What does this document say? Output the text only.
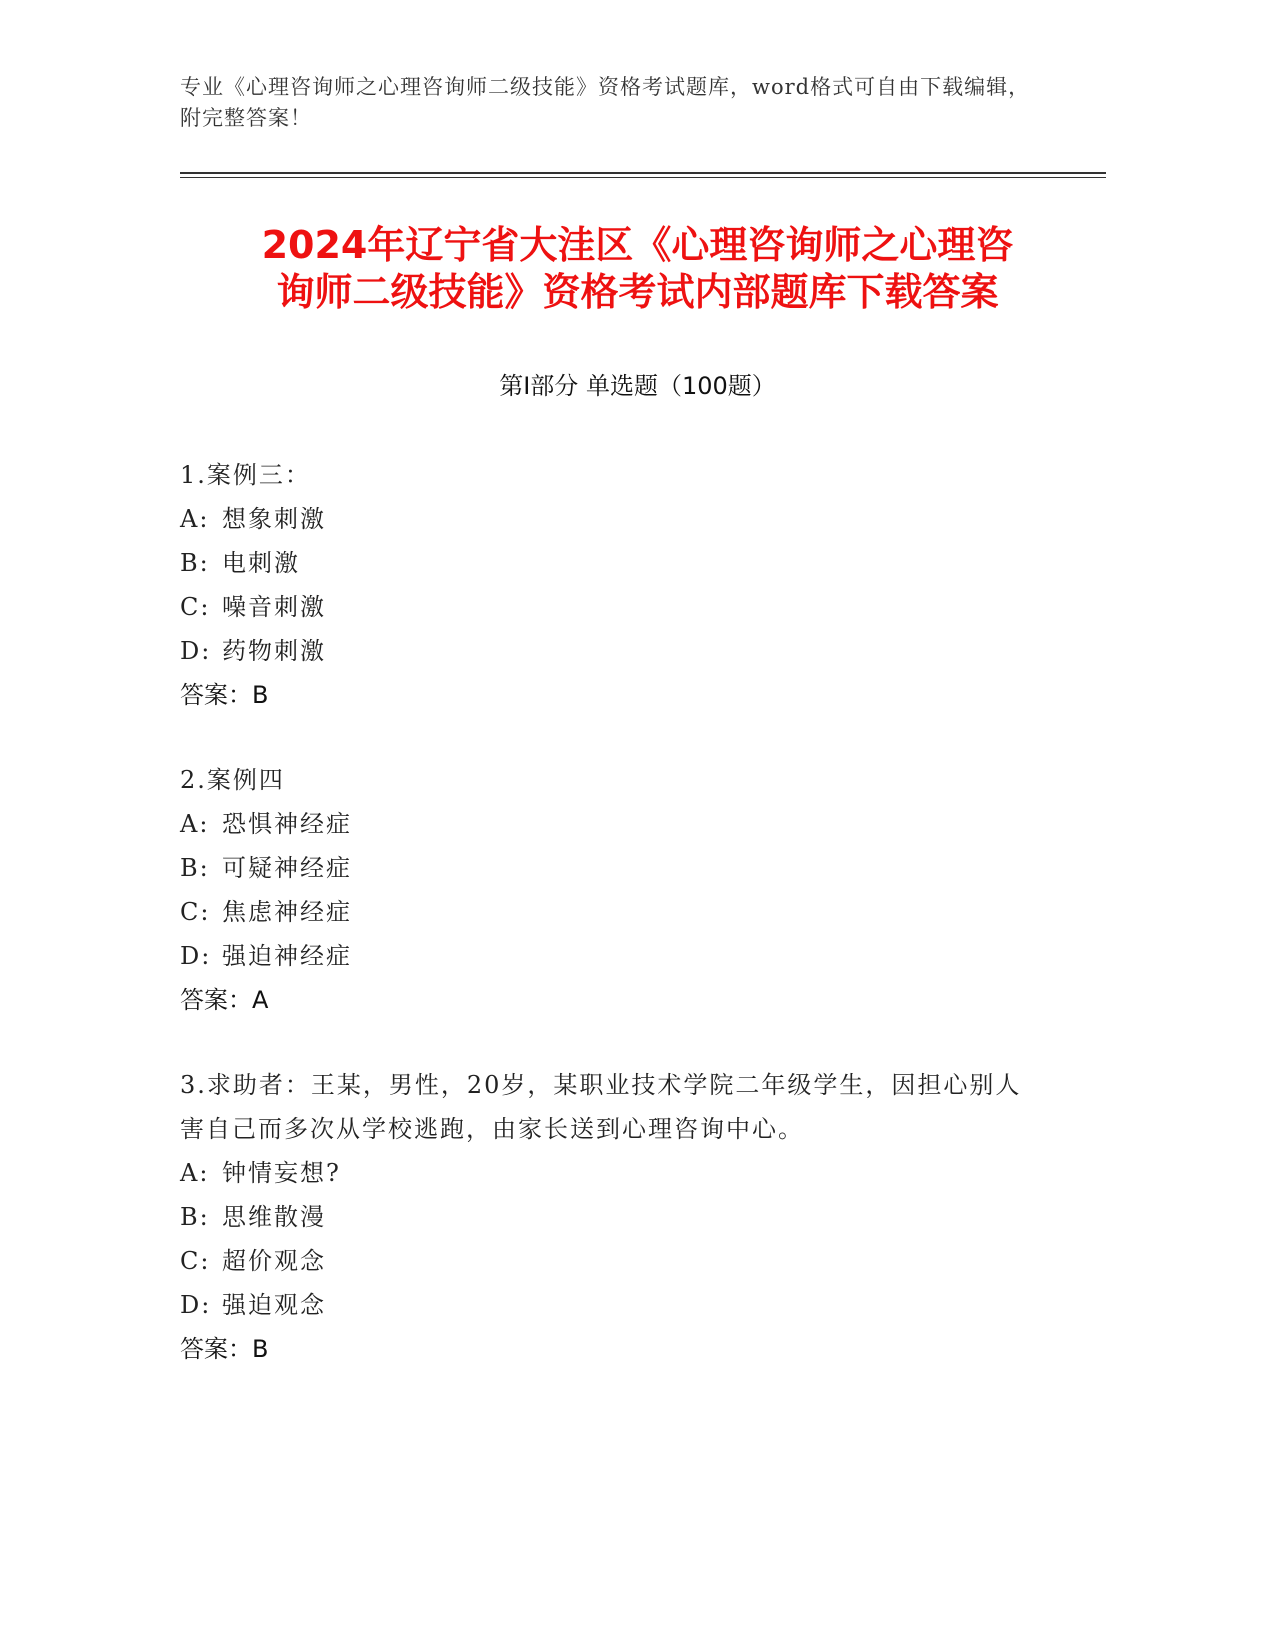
专业《心理咨询师之心理咨询师二级技能》资格考试题库，word格式可自由下载编辑，附完整答案！
2024年辽宁省大洼区《心理咨询师之心理咨
询师二级技能》资格考试内部题库下载答案
第Ⅰ部分 单选题（100题）
1.案例三：
A: 想象刺激
B: 电刺激
C: 噪音刺激
D: 药物刺激
答案：B
2.案例四
A: 恐惧神经症
B: 可疑神经症
C: 焦虑神经症
D: 强迫神经症
答案：A
3.求助者：王某，男性，20岁，某职业技术学院二年级学生，因担心别人害自己而多次从学校逃跑，由家长送到心理咨询中心。
A: 钟情妄想?
B: 思维散漫
C: 超价观念
D: 强迫观念
答案：B
